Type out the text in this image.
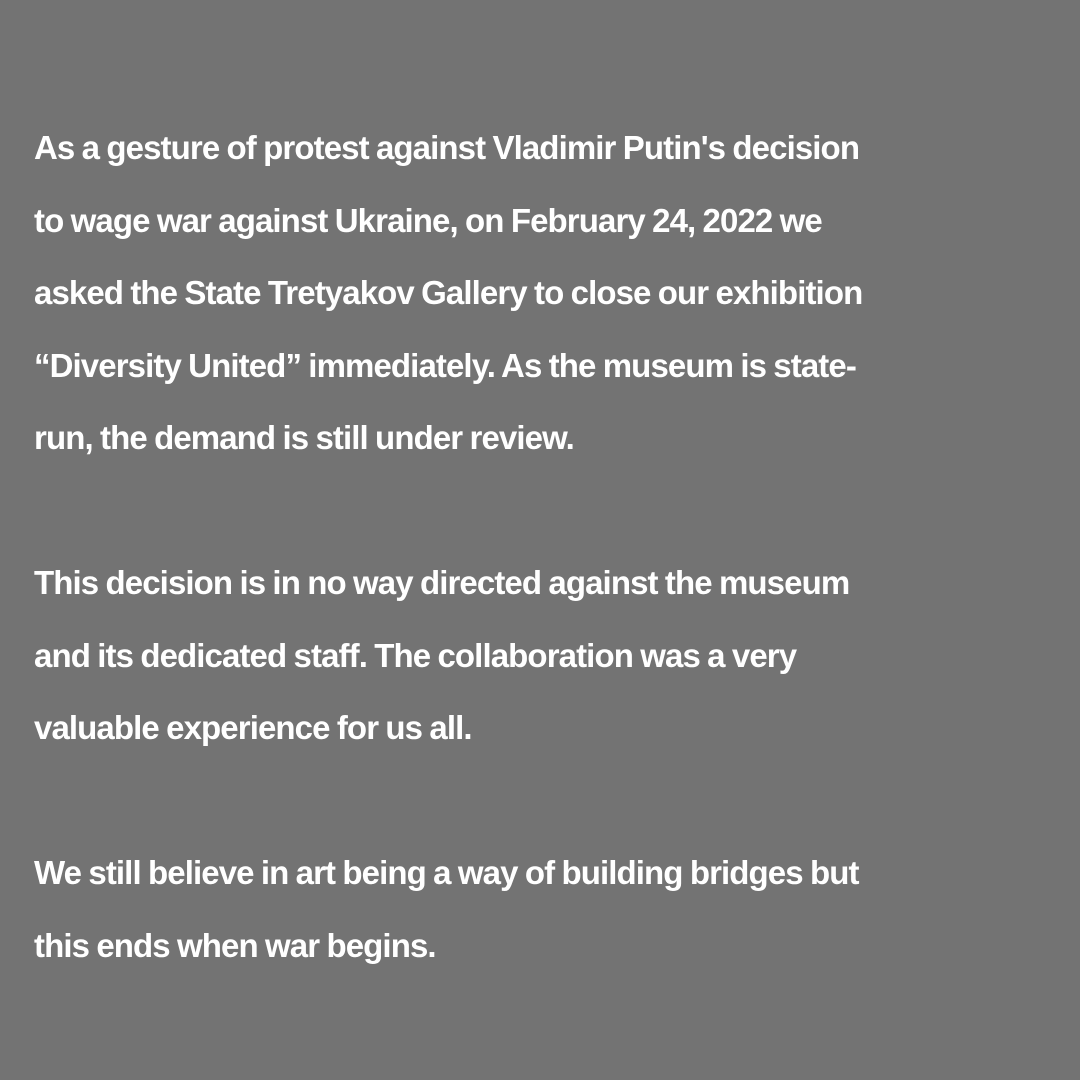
As a gesture of protest against Vladimir Putin's decision
to wage war against Ukraine, on February 24, 2022 we
asked the State Tretyakov Gallery to close our exhibition
“Diversity United” immediately. As the museum is state-
run, the demand is still under review.

This decision is in no way directed against the museum
and its dedicated staff. The collaboration was a very
valuable experience for us all.

We still believe in art being a way of building bridges but
this ends when war begins.
